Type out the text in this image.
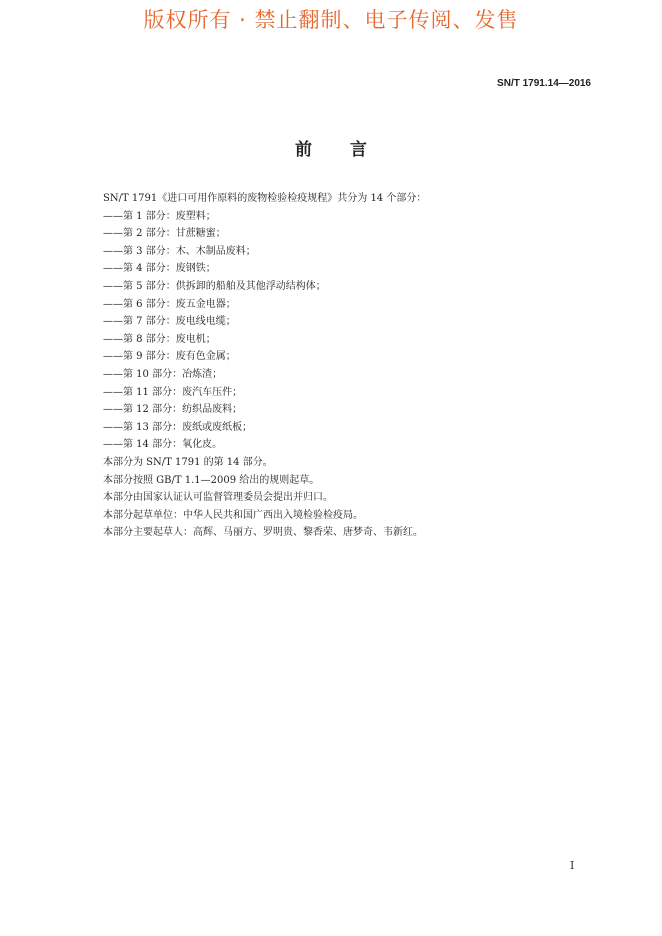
版权所有 · 禁止翻制、电子传阅、发售
SN/T 1791.14—2016
前言

SN/T 1791《进口可用作原料的废物检验检疫规程》共分为 14 个部分：

——第 1 部分：废塑料；

——第 2 部分：甘蔗糖蜜；

——第 3 部分：木、木制品废料；

——第 4 部分：废钢铁；

——第 5 部分：供拆卸的船舶及其他浮动结构体；

——第 6 部分：废五金电器；

——第 7 部分：废电线电缆；

——第 8 部分：废电机；

——第 9 部分：废有色金属；

——第 10 部分：冶炼渣；

——第 11 部分：废汽车压件；

——第 12 部分：纺织品废料；

——第 13 部分：废纸或废纸板；

——第 14 部分：氧化皮。

本部分为 SN/T 1791 的第 14 部分。

本部分按照 GB/T 1.1—2009 给出的规则起草。

本部分由国家认证认可监督管理委员会提出并归口。

本部分起草单位：中华人民共和国广西出入境检验检疫局。

本部分主要起草人：高辉、马丽方、罗明贵、黎香荣、唐梦奇、韦新红。

I
